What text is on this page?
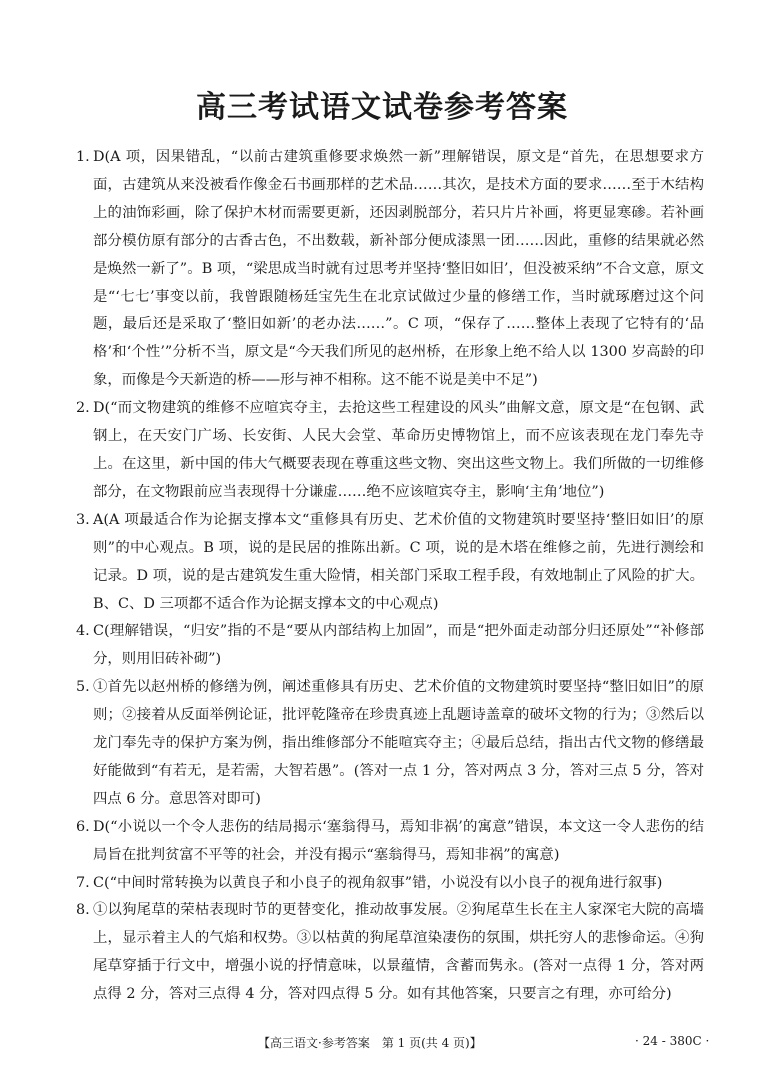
高三考试语文试卷参考答案
1. D(A 项，因果错乱，“以前古建筑重修要求焕然一新”理解错误，原文是“首先，在思想要求方面，古建筑从来没被看作像金石书画那样的艺术品……其次，是技术方面的要求……至于木结构上的油饰彩画，除了保护木材而需要更新，还因剥脱部分，若只片片补画，将更显寒碜。若补画部分模仿原有部分的古香古色，不出数载，新补部分便成漆黑一团……因此，重修的结果就必然是焕然一新了”。B 项，“梁思成当时就有过思考并坚持‘整旧如旧’，但没被采纳”不合文意，原文是“‘七七’事变以前，我曾跟随杨廷宝先生在北京试做过少量的修缮工作，当时就琢磨过这个问题，最后还是采取了‘整旧如新’的老办法……”。C 项，“保存了……整体上表现了它特有的‘品格’和‘个性’”分析不当，原文是“今天我们所见的赵州桥，在形象上绝不给人以 1300 岁高龄的印象，而像是今天新造的桥——形与神不相称。这不能不说是美中不足”)
2. D(“而文物建筑的维修不应喧宾夺主，去抢这些工程建设的风头”曲解文意，原文是“在包钢、武钢上，在天安门广场、长安街、人民大会堂、革命历史博物馆上，而不应该表现在龙门奉先寺上。在这里，新中国的伟大气概要表现在尊重这些文物、突出这些文物上。我们所做的一切维修部分，在文物跟前应当表现得十分谦虚……绝不应该喧宾夺主，影响‘主角’地位”)
3. A(A 项最适合作为论据支撑本文“重修具有历史、艺术价值的文物建筑时要坚持‘整旧如旧’的原则”的中心观点。B 项，说的是民居的推陈出新。C 项，说的是木塔在维修之前，先进行测绘和记录。D 项，说的是古建筑发生重大险情，相关部门采取工程手段，有效地制止了风险的扩大。B、C、D 三项都不适合作为论据支撑本文的中心观点)
4. C(理解错误，“归安”指的不是“要从内部结构上加固”，而是“把外面走动部分归还原处”“补修部分，则用旧砖补砌”)
5. ①首先以赵州桥的修缮为例，阐述重修具有历史、艺术价值的文物建筑时要坚持“整旧如旧”的原则；②接着从反面举例论证，批评乾隆帝在珍贵真迹上乱题诗盖章的破坏文物的行为；③然后以龙门奉先寺的保护方案为例，指出维修部分不能喧宾夺主；④最后总结，指出古代文物的修缮最好能做到“有若无，是若需，大智若愚”。(答对一点 1 分，答对两点 3 分，答对三点 5 分，答对四点 6 分。意思答对即可)
6. D(“小说以一个令人悲伤的结局揭示‘塞翁得马，焉知非祸’的寓意”错误，本文这一令人悲伤的结局旨在批判贫富不平等的社会，并没有揭示“塞翁得马，焉知非祸”的寓意)
7. C(“中间时常转换为以黄良子和小良子的视角叙事”错，小说没有以小良子的视角进行叙事)
8. ①以狗尾草的荣枯表现时节的更替变化，推动故事发展。②狗尾草生长在主人家深宅大院的高墙上，显示着主人的气焰和权势。③以枯黄的狗尾草渲染凄伤的氛围，烘托穷人的悲惨命运。④狗尾草穿插于行文中，增强小说的抒情意味，以景蕴情，含蓄而隽永。(答对一点得 1 分，答对两点得 2 分，答对三点得 4 分，答对四点得 5 分。如有其他答案，只要言之有理，亦可给分)
【高三语文·参考答案　第 1 页(共 4 页)】	· 24 - 380C ·
